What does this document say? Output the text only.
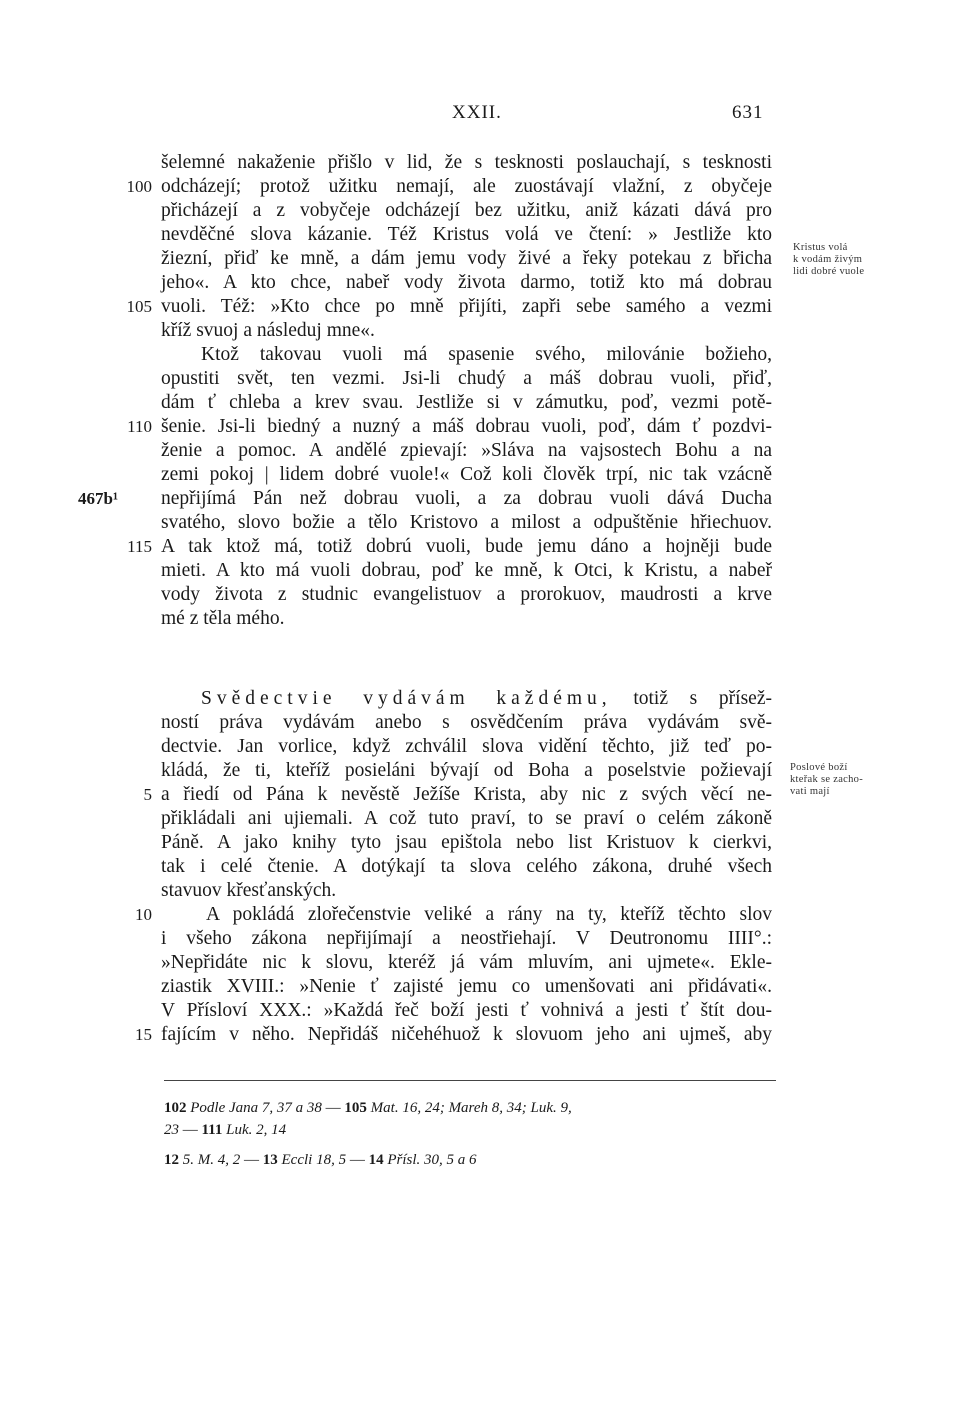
XXII.	631
šelemné nakaženie přišlo v lid, že s tesknosti poslauchají, s tesknosti
odcházejí; protož užitku nemají, ale zuostávají vlažní, z obyčeje
100
přicházejí a z vobyčeje odcházejí bez užitku, aniž kázati dává pro
nevděčné slova kázanie. Též Kristus volá ve čtení: » Jestliže kto
žiezní, přiď ke mně, a dám jemu vody živé a řeky potekau z břicha
jeho«. A kto chce, nabeř vody života darmo, totiž kto má dobrau
vuoli. Též: »Kto chce po mně přijíti, zapři sebe samého a vezmi
105
kříž svuoj a následuj mne«.
Ktož takovau vuoli má spasenie svého, milovánie božieho,
opustiti svět, ten vezmi. Jsi-li chudý a máš dobrau vuoli, přiď,
dám ť chleba a krev svau. Jestliže si v zámutku, poď, vezmi potě-
šenie. Jsi-li biedný a nuzný a máš dobrau vuoli, poď, dám ť pozdvi-
110
ženie a pomoc. A andělé zpievají: »Sláva na vajsostech Bohu a na
zemi pokoj | lidem dobré vuole!« Což koli člověk trpí, nic tak vzácně
nepřijímá Pán než dobrau vuoli, a za dobrau vuoli dává Ducha
svatého, slovo božie a tělo Kristovo a milost a odpuštěnie hřiechuov.
A tak ktož má, totiž dobrú vuoli, bude jemu dáno a hojněji bude
115
mieti. A kto má vuoli dobrau, poď ke mně, k Otci, k Kristu, a nabeř
vody života z studnic evangelistuov a prorokuov, maudrosti a krve
mé z těla mého.
467b¹
Kristus volá
k vodám živým
lidi dobré vuole
Svědectvie vydávám každému, totiž s přísež-
ností práva vydávám anebo s osvědčením práva vydávám svě-
dectvie. Jan vorlice, když zchválil slova vidění těchto, již teď po-
kládá, že ti, kteříž posieláni bývají od Boha a poselstvie požievají
a řiedí od Pána k nevěstě Ježíše Krista, aby nic z svých věcí ne-
5
přikládali ani ujiemali. A což tuto praví, to se praví o celém zákoně
Páně. A jako knihy tyto jsau epištola nebo list Kristuov k cierkvi,
tak i celé čtenie. A dotýkají ta slova celého zákona, druhé všech
stavuov křesťanských.
A pokládá zlořečenstvie veliké a rány na ty, kteříž těchto slov
10
i všeho zákona nepřijímají a neostřiehají. V Deutronomu IIII°.:
»Nepřidáte nic k slovu, kteréž já vám mluvím, ani ujmete«. Ekle-
ziastik XVIII.: »Nenie ť zajisté jemu co umenšovati ani přidávati«.
V Přísloví XXX.: »Každá řeč boží jesti ť vohnivá a jesti ť štít dou-
fajícím v něho. Nepřidáš ničehéhuož k slovuom jeho ani ujmeš, aby
15
Poslové boží
kteřak se zacho-
vati mají
102 Podle Jana 7, 37 a 38 — 105 Mat. 16, 24; Mareh 8, 34; Luk. 9,
23 — 111 Luk. 2, 14
12 5. M. 4, 2 — 13 Eccli 18, 5 — 14 Přísl. 30, 5 a 6
